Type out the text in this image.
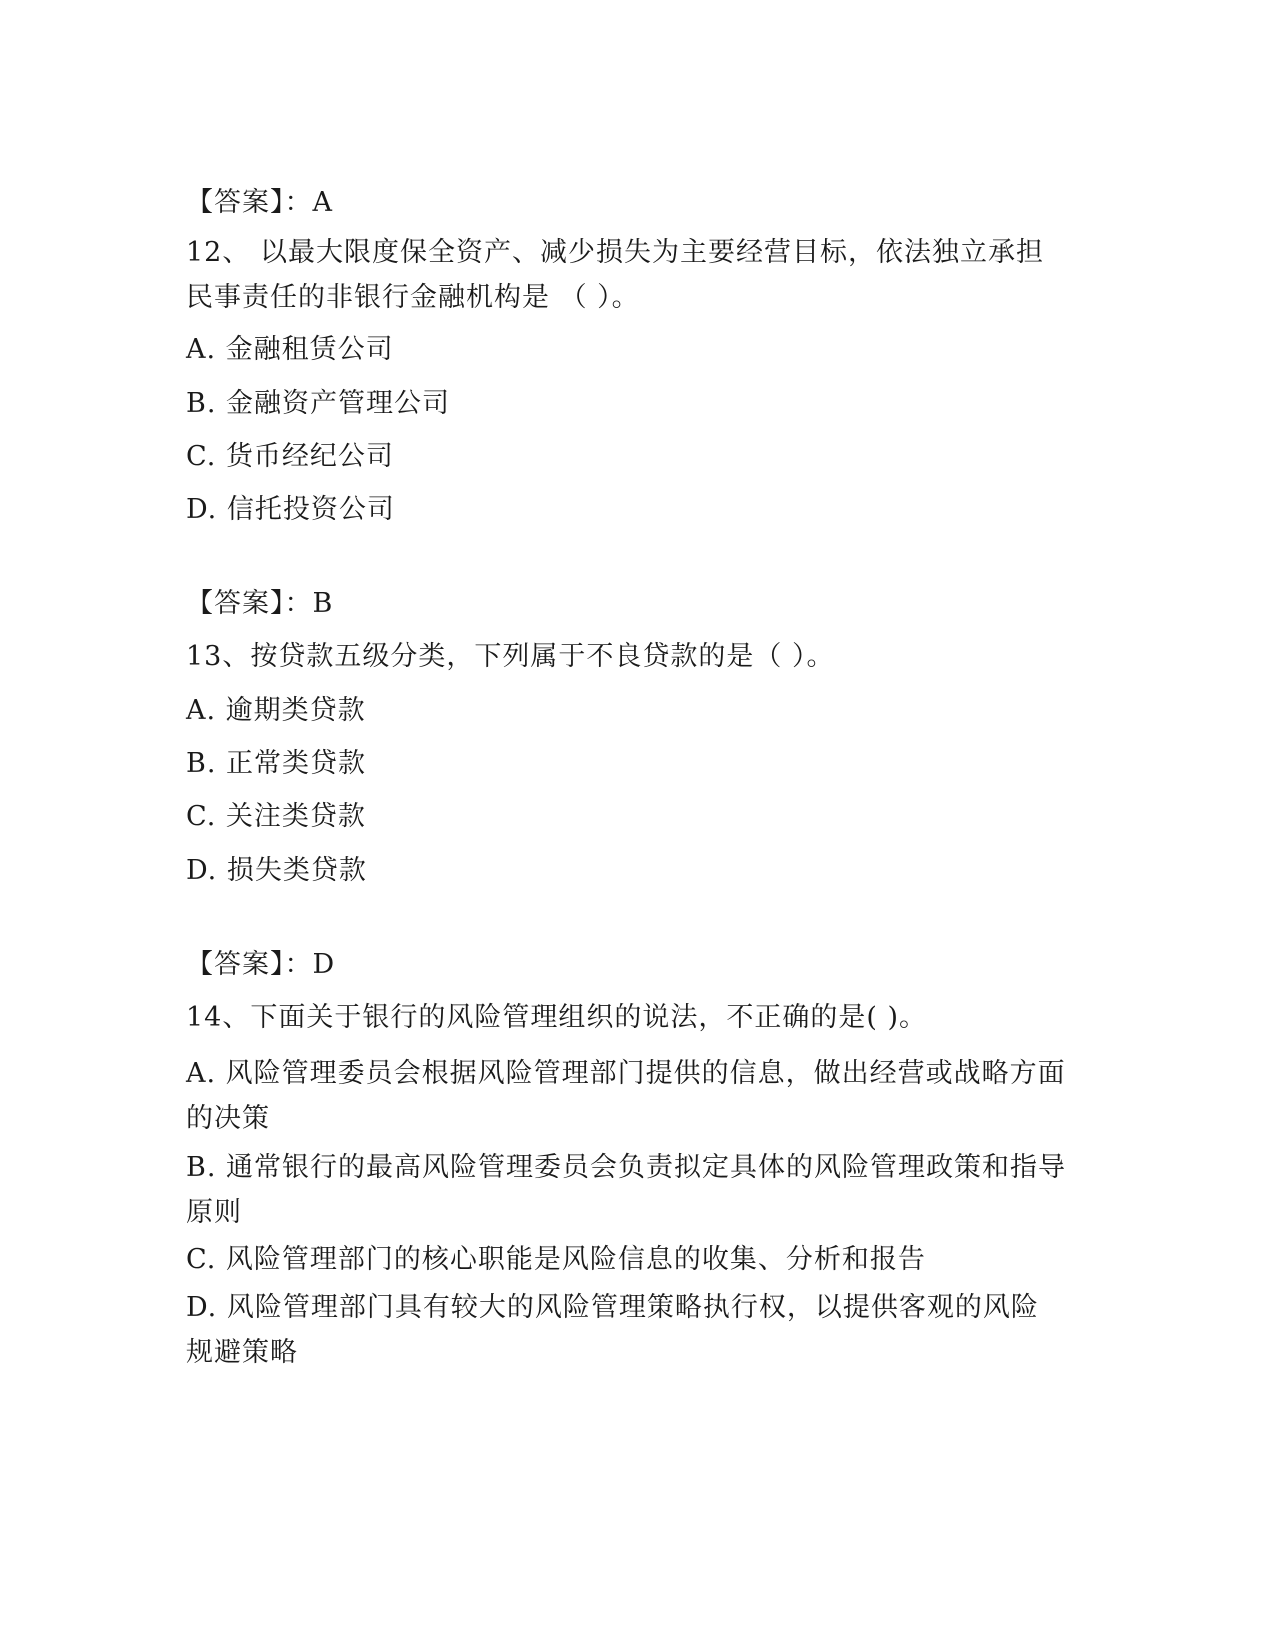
【答案】：A
12、 以最大限度保全资产、减少损失为主要经营目标，依法独立承担民事责任的非银行金融机构是 （ ）。
A. 金融租赁公司
B. 金融资产管理公司
C. 货币经纪公司
D. 信托投资公司
【答案】：B
13、按贷款五级分类，下列属于不良贷款的是（ ）。
A. 逾期类贷款
B. 正常类贷款
C. 关注类贷款
D. 损失类贷款
【答案】：D
14、下面关于银行的风险管理组织的说法，不正确的是( )。
A. 风险管理委员会根据风险管理部门提供的信息，做出经营或战略方面的决策
B. 通常银行的最高风险管理委员会负责拟定具体的风险管理政策和指导原则
C. 风险管理部门的核心职能是风险信息的收集、分析和报告
D. 风险管理部门具有较大的风险管理策略执行权，以提供客观的风险规避策略
